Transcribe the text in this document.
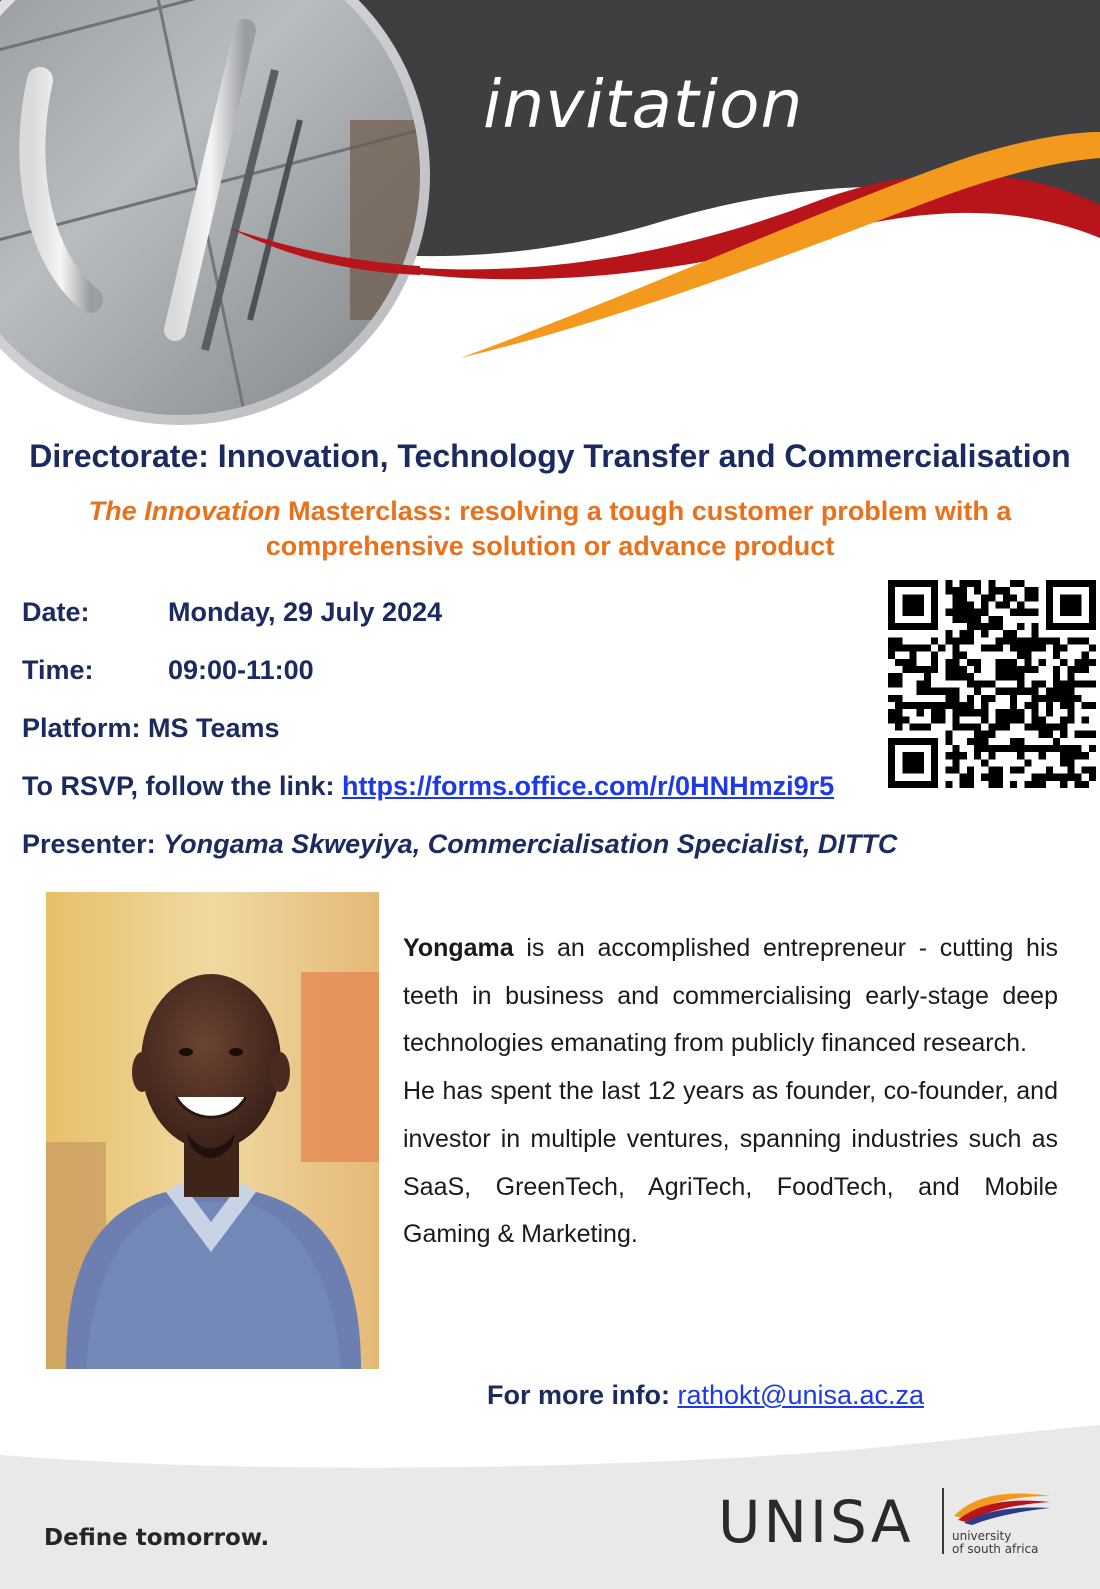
invitation
Directorate: Innovation, Technology Transfer and Commercialisation
The Innovation Masterclass: resolving a tough customer problem with a comprehensive solution or advance product
Date:	Monday, 29 July 2024
Time:	09:00-11:00
Platform: MS Teams
To RSVP, follow the link: https://forms.office.com/r/0HNHmzi9r5
Presenter: Yongama Skweyiya, Commercialisation Specialist, DITTC

Yongama is an accomplished entrepreneur - cutting his teeth in business and commercialising early-stage deep technologies emanating from publicly financed research.

He has spent the last 12 years as founder, co-founder, and investor in multiple ventures, spanning industries such as SaaS, GreenTech, AgriTech, FoodTech, and Mobile Gaming & Marketing.

For more info: rathokt@unisa.ac.za
Define tomorrow.	UNISA	university
of south africa
